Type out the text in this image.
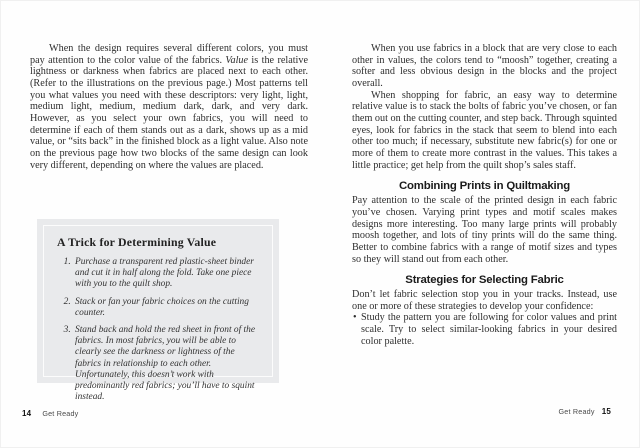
When the design requires several different colors, you must pay attention to the color value of the fabrics. Value is the relative lightness or darkness when fabrics are placed next to each other. (Refer to the illustrations on the previous page.) Most patterns tell you what values you need with these descriptors: very light, light, medium light, medium, medium dark, dark, and very dark. However, as you select your own fabrics, you will need to determine if each of them stands out as a dark, shows up as a mid value, or “sits back” in the finished block as a light value. Also note on the previous page how two blocks of the same design can look very different, depending on where the values are placed.

A Trick for Determining Value
1. Purchase a transparent red plastic-sheet binder and cut it in half along the fold. Take one piece with you to the quilt shop.
2. Stack or fan your fabric choices on the cutting counter.
3. Stand back and hold the red sheet in front of the fabrics. In most fabrics, you will be able to clearly see the darkness or lightness of the fabrics in relationship to each other. Unfortunately, this doesn’t work with predominantly red fabrics; you’ll have to squint instead.
14 Get Ready

When you use fabrics in a block that are very close to each other in values, the colors tend to “moosh” together, creating a softer and less obvious design in the blocks and the project overall.

When shopping for fabric, an easy way to determine relative value is to stack the bolts of fabric you’ve chosen, or fan them out on the cutting counter, and step back. Through squinted eyes, look for fabrics in the stack that seem to blend into each other too much; if necessary, substitute new fabric(s) for one or more of them to create more contrast in the values. This takes a little practice; get help from the quilt shop’s sales staff.

Combining Prints in Quiltmaking

Pay attention to the scale of the printed design in each fabric you’ve chosen. Varying print types and motif scales makes designs more interesting. Too many large prints will probably moosh together, and lots of tiny prints will do the same thing. Better to combine fabrics with a range of motif sizes and types so they will stand out from each other.

Strategies for Selecting Fabric

Don’t let fabric selection stop you in your tracks. Instead, use one or more of these strategies to develop your confidence:

• Study the pattern you are following for color values and print scale. Try to select similar-looking fabrics in your desired color palette.
Get Ready 15
